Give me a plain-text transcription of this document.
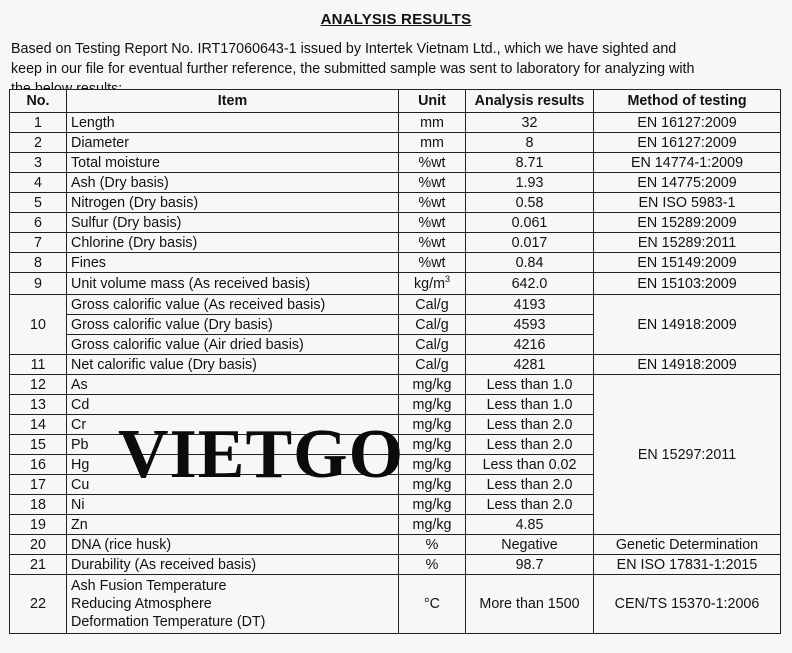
ANALYSIS RESULTS
Based on Testing Report No. IRT17060643-1 issued by Intertek Vietnam Ltd., which we have sighted and
keep in our file for eventual further reference, the submitted sample was sent to laboratory for analyzing with
No.	Item	Unit	Analysis results	Method of testing
1	Length	mm	32	EN 16127:2009
2	Diameter	mm	8	EN 16127:2009
3	Total moisture	%wt	8.71	EN 14774-1:2009
4	Ash (Dry basis)	%wt	1.93	EN 14775:2009
5	Nitrogen (Dry basis)	%wt	0.58	EN ISO 5983-1
6	Sulfur (Dry basis)	%wt	0.061	EN 15289:2009
7	Chlorine (Dry basis)	%wt	0.017	EN 15289:2011
8	Fines	%wt	0.84	EN 15149:2009
9	Unit volume mass (As received basis)	$kg/m^3$	642.0	EN 15103:2009
10	Gross calorific value (As received basis)	Cal/g	4193	EN 14918:2009
	Gross calorific value (Dry basis)	Cal/g	4593	
	Gross calorific value (Air dried basis)	Cal/g	4216	
11	Net calorific value (Dry basis)	Cal/g	4281	EN 14918:2009
12	As	mg/kg	Less than 1.0	EN 15297:2011
13	Cd	mg/kg	Less than 1.0	
14	Cr	mg/kg	Less than 2.0	
15	Pb	mg/kg	Less than 2.0	
16	Hg	mg/kg	Less than 0.02	
17	Cu	mg/kg	Less than 2.0	
18	Ni	mg/kg	Less than 2.0	
19	Zn	mg/kg	4.85	
20	DNA (rice husk)	%	Negative	Genetic Determination
21	Durability (As received basis)	%	98.7	EN ISO 17831-1:2015
22	Ash Fusion Temperature
Reducing Atmosphere
Deformation Temperature (DT)	°C	More than 1500	CEN/TS 15370-1:2006
VIETGO
